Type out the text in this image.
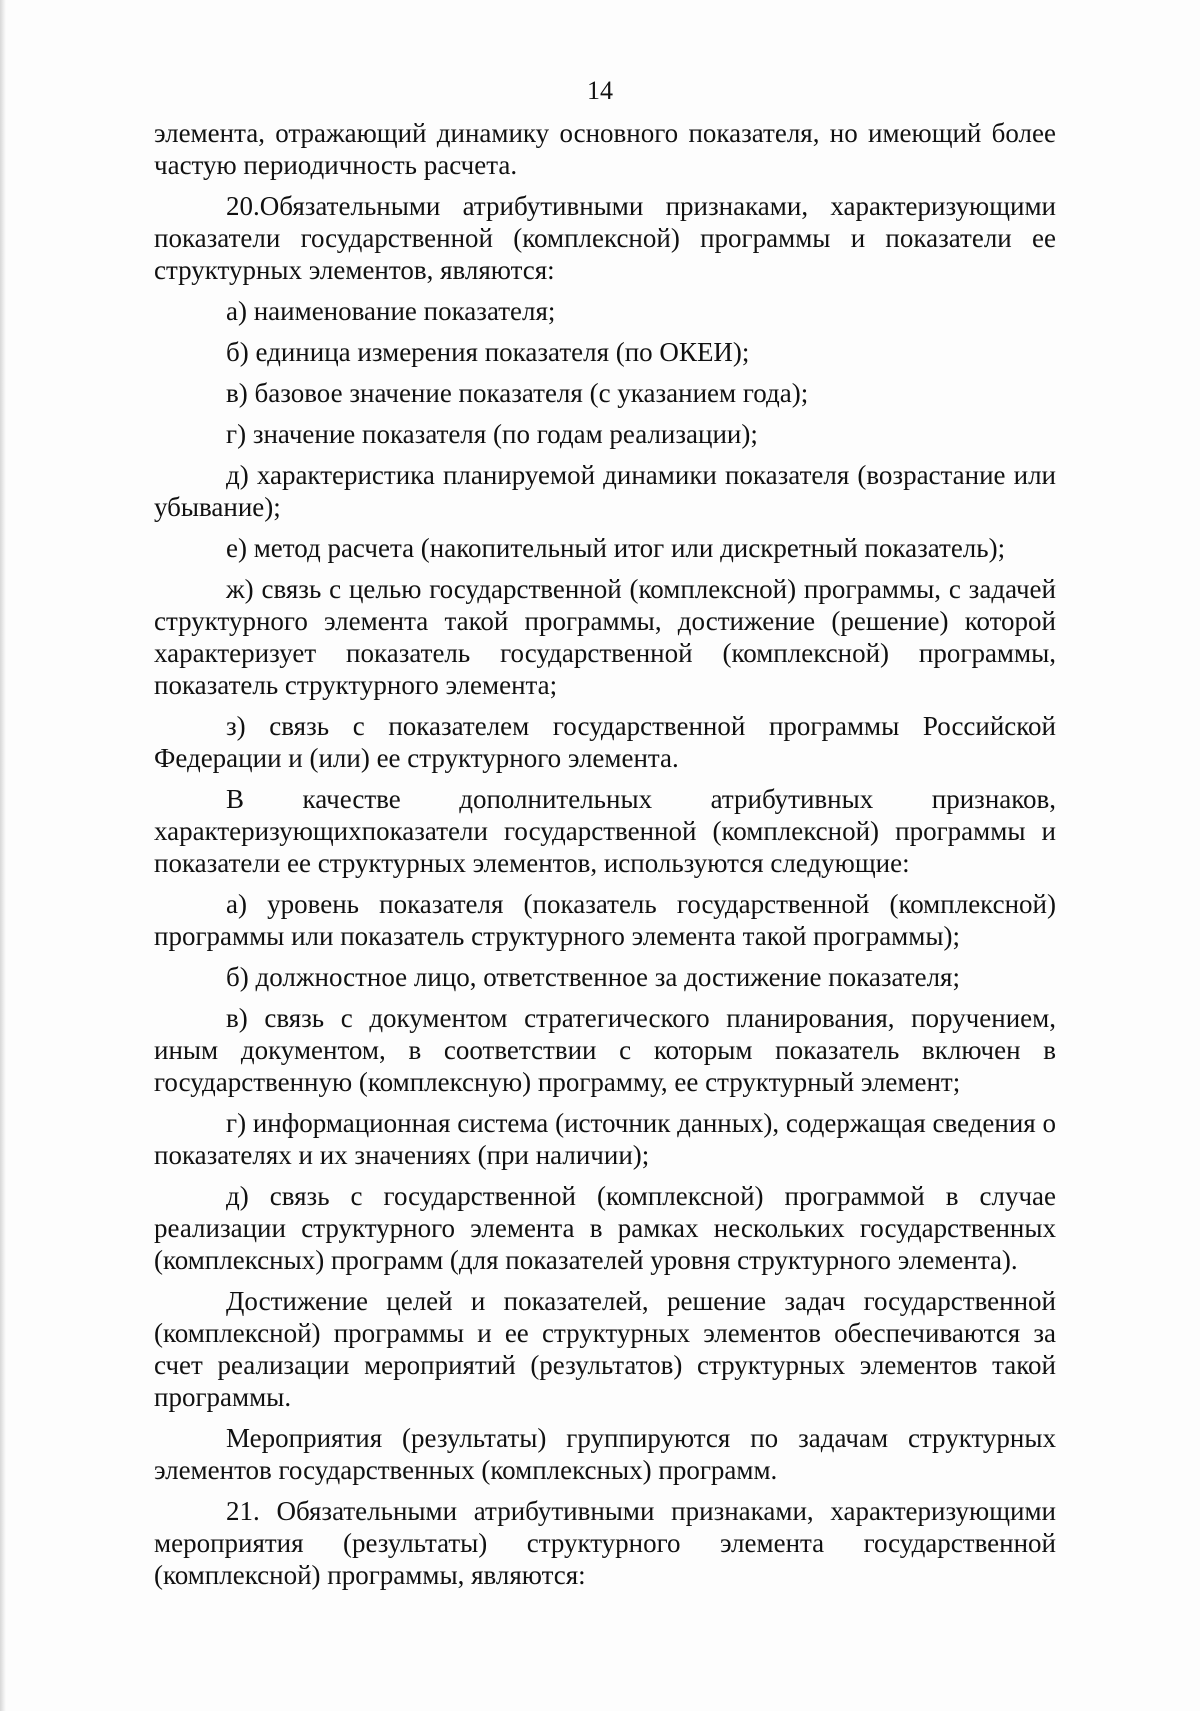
14

элемента, отражающий динамику основного показателя, но имеющий более частую периодичность расчета.

20.Обязательными атрибутивными признаками, характеризующими показатели государственной (комплексной) программы и показатели ее структурных элементов, являются:

а) наименование показателя;

б) единица измерения показателя (по ОКЕИ);

в) базовое значение показателя (с указанием года);

г) значение показателя (по годам реализации);

д) характеристика планируемой динамики показателя (возрастание или убывание);

е) метод расчета (накопительный итог или дискретный показатель);

ж) связь с целью государственной (комплексной) программы, с задачей структурного элемента такой программы, достижение (решение) которой характеризует показатель государственной (комплексной) программы, показатель структурного элемента;

з) связь с показателем государственной программы Российской Федерации и (или) ее структурного элемента.

В качестве дополнительных атрибутивных признаков, характеризующихпоказатели государственной (комплексной) программы и показатели ее структурных элементов, используются следующие:

а) уровень показателя (показатель государственной (комплексной) программы или показатель структурного элемента такой программы);

б) должностное лицо, ответственное за достижение показателя;

в) связь с документом стратегического планирования, поручением, иным документом, в соответствии с которым показатель включен в государственную (комплексную) программу, ее структурный элемент;

г) информационная система (источник данных), содержащая сведения о показателях и их значениях (при наличии);

д) связь с государственной (комплексной) программой в случае реализации структурного элемента в рамках нескольких государственных (комплексных) программ (для показателей уровня структурного элемента).

Достижение целей и показателей, решение задач государственной (комплексной) программы и ее структурных элементов обеспечиваются за счет реализации мероприятий (результатов) структурных элементов такой программы.

Мероприятия (результаты) группируются по задачам структурных элементов государственных (комплексных) программ.

21. Обязательными атрибутивными признаками, характеризующими мероприятия (результаты) структурного элемента государственной (комплексной) программы, являются:
